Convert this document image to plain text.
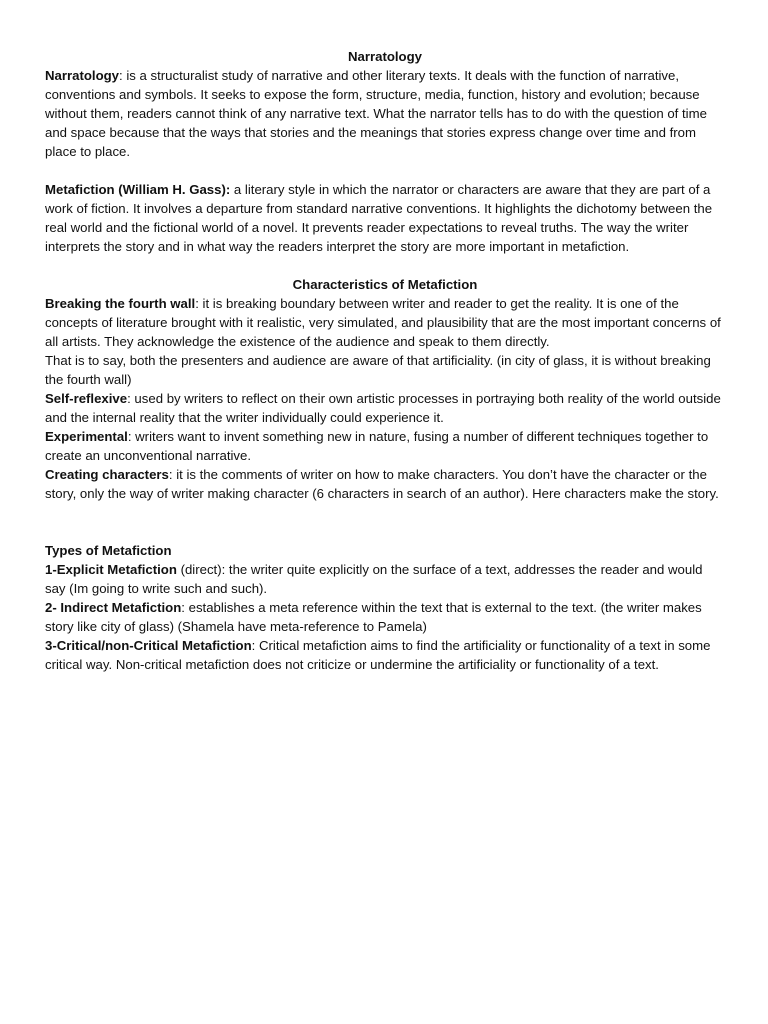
Narratology

Narratology: is a structuralist study of narrative and other literary texts. It deals with the function of narrative, conventions and symbols. It seeks to expose the form, structure, media, function, history and evolution; because without them, readers cannot think of any narrative text. What the narrator tells has to do with the question of time and space because that the ways that stories and the meanings that stories express change over time and from place to place.

Metafiction (William H. Gass): a literary style in which the narrator or characters are aware that they are part of a work of fiction. It involves a departure from standard narrative conventions. It highlights the dichotomy between the real world and the fictional world of a novel. It prevents reader expectations to reveal truths. The way the writer interprets the story and in what way the readers interpret the story are more important in metafiction.

Characteristics of Metafiction

Breaking the fourth wall: it is breaking boundary between writer and reader to get the reality. It is one of the concepts of literature brought with it realistic, very simulated, and plausibility that are the most important concerns of all artists. They acknowledge the existence of the audience and speak to them directly.

That is to say, both the presenters and audience are aware of that artificiality. (in city of glass, it is without breaking the fourth wall)

Self-reflexive: used by writers to reflect on their own artistic processes in portraying both reality of the world outside and the internal reality that the writer individually could experience it.

Experimental: writers want to invent something new in nature, fusing a number of different techniques together to create an unconventional narrative.

Creating characters: it is the comments of writer on how to make characters. You don’t have the character or the story, only the way of writer making character (6 characters in search of an author). Here characters make the story.

Types of Metafiction

1-Explicit Metafiction (direct): the writer quite explicitly on the surface of a text, addresses the reader and would say (Im going to write such and such).

2- Indirect Metafiction: establishes a meta reference within the text that is external to the text. (the writer makes story like city of glass) (Shamela have meta-reference to Pamela)

3-Critical/non-Critical Metafiction: Critical metafiction aims to find the artificiality or functionality of a text in some critical way. Non-critical metafiction does not criticize or undermine the artificiality or functionality of a text.
